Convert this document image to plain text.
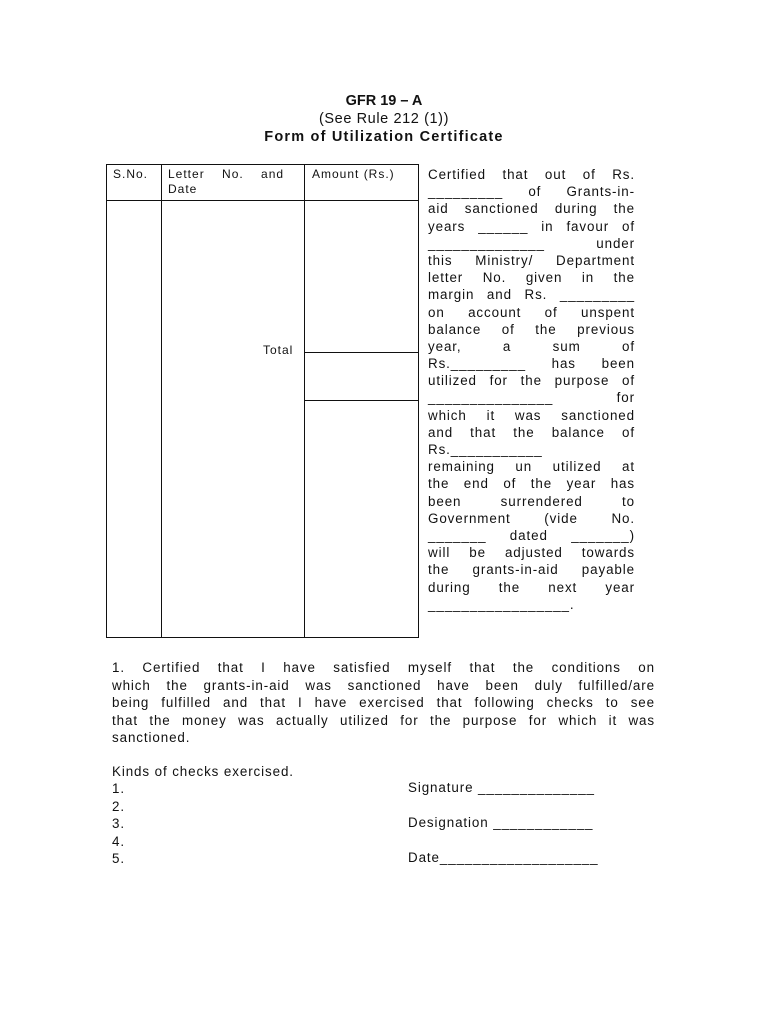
GFR 19 – A
(See Rule 212 (1))
Form of Utilization Certificate
S.No. Letter    No.    and
Date
Amount (Rs.)
Total
Certified that out of Rs.
_________ of Grants-in-
aid sanctioned during the
years ______ in favour of
______________ under
this Ministry/ Department
letter No. given in the
margin and Rs. _________
on account of unspent
balance of the previous
year, a sum of
Rs._________ has been
utilized for the purpose of
_______________ for
which it was sanctioned
and that the balance of
Rs.___________
remaining un utilized at
the end of the year has
been surrendered to
Government (vide No.
_______ dated _______)
will be adjusted towards
the grants-in-aid payable
during the next year
_________________.
1. Certified that I have satisfied myself that the conditions on
which the grants-in-aid was sanctioned have been duly fulfilled/are
being fulfilled and that I have exercised that following checks to see
that the money was actually utilized for the purpose for which it was
sanctioned.
Kinds of checks exercised.
1.
2.
3.
4.
5.
Signature ______________
Designation ____________
Date___________________
